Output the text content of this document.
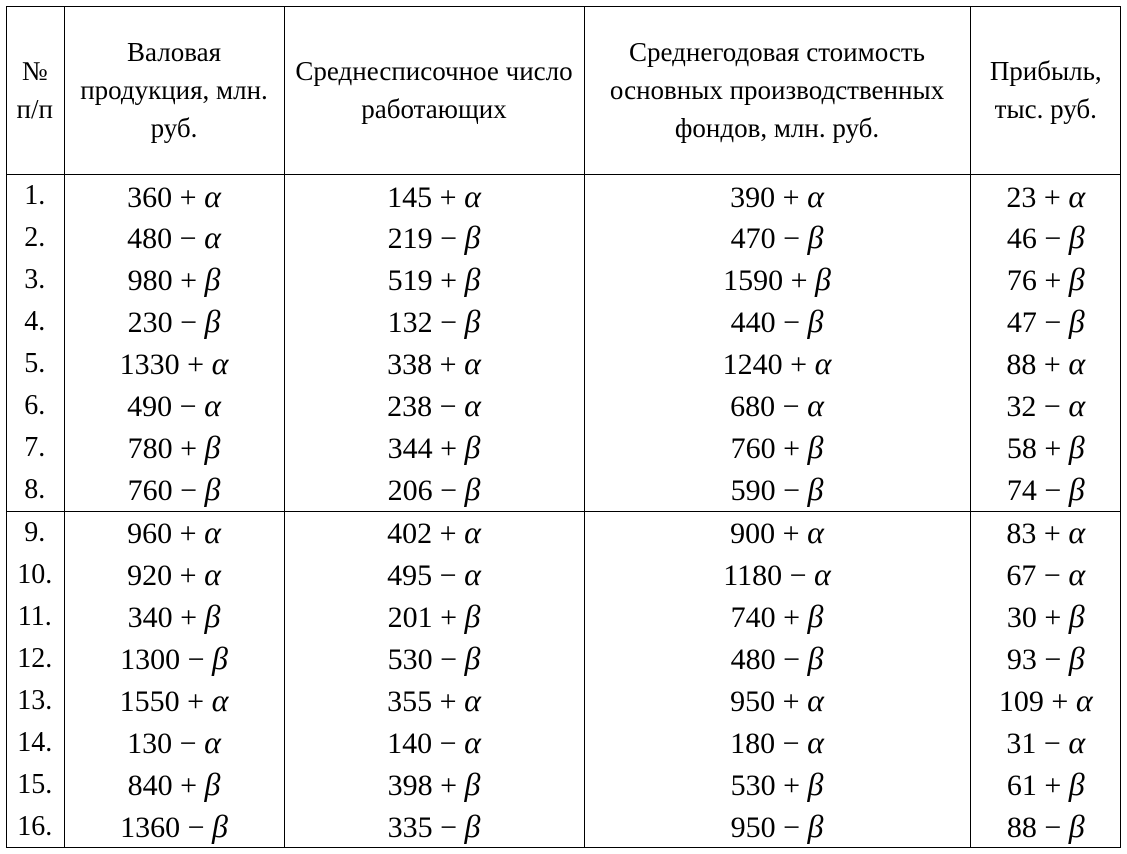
№ п/п	Валовая продукция, млн. руб.	Среднесписочное число работающих	Среднегодовая стоимость основных производственных фондов, млн. руб.	Прибыль, тыс. руб.
1.	360 + α	145 + α	390 + α	23 + α
2.	480 − α	219 − β	470 − β	46 − β
3.	980 + β	519 + β	1590 + β	76 + β
4.	230 − β	132 − β	440 − β	47 − β
5.	1330 + α	338 + α	1240 + α	88 + α
6.	490 − α	238 − α	680 − α	32 − α
7.	780 + β	344 + β	760 + β	58 + β
8.	760 − β	206 − β	590 − β	74 − β
9.	960 + α	402 + α	900 + α	83 + α
10.	920 + α	495 − α	1180 − α	67 − α
11.	340 + β	201 + β	740 + β	30 + β
12.	1300 − β	530 − β	480 − β	93 − β
13.	1550 + α	355 + α	950 + α	109 + α
14.	130 − α	140 − α	180 − α	31 − α
15.	840 + β	398 + β	530 + β	61 + β
16.	1360 − β	335 − β	950 − β	88 − β
